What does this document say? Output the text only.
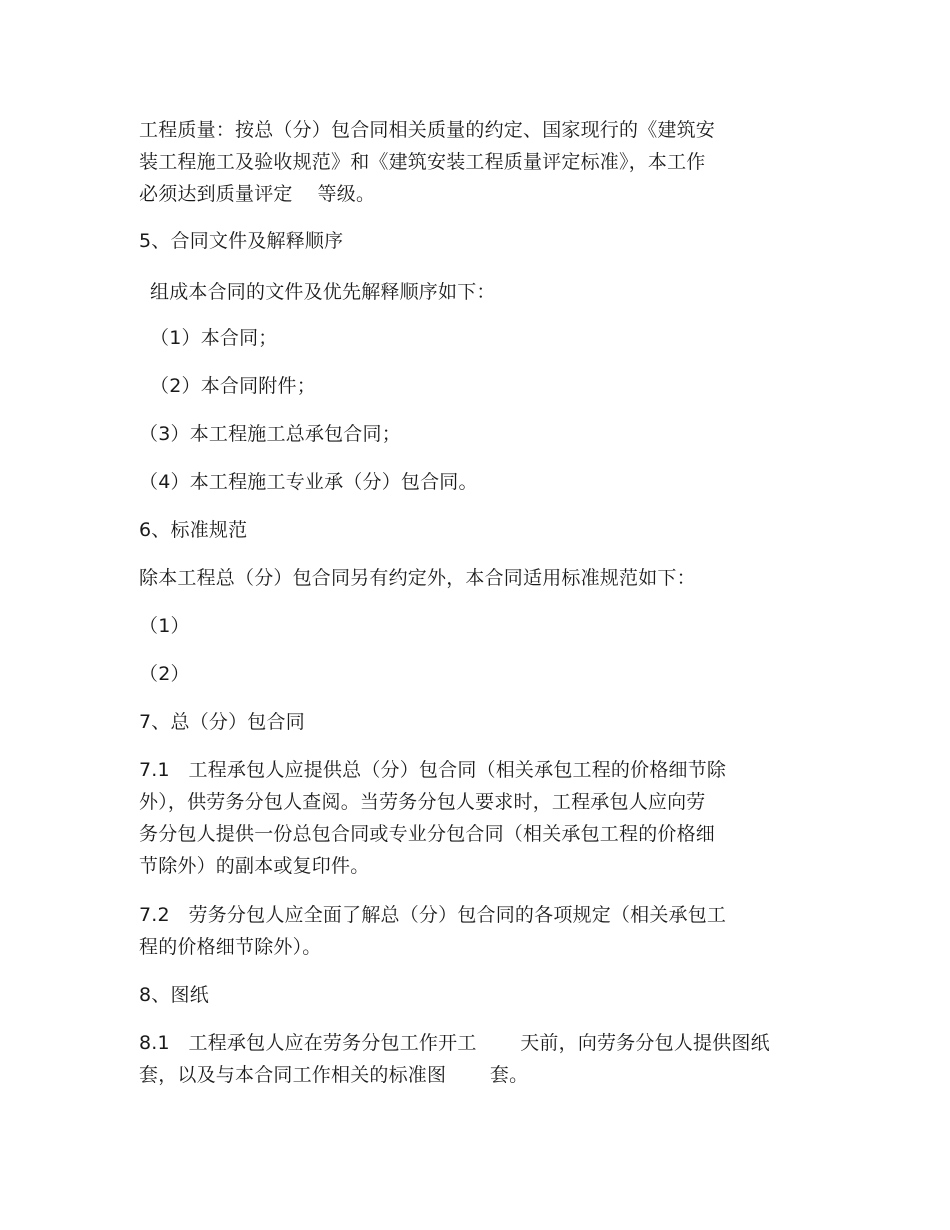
工程质量：按总（分）包合同相关质量的约定、国家现行的《建筑安
装工程施工及验收规范》和《建筑安装工程质量评定标准》，本工作
必须达到质量评定    等级。
5、合同文件及解释顺序
组成本合同的文件及优先解释顺序如下：
（1）本合同；
（2）本合同附件；
（3）本工程施工总承包合同；
（4）本工程施工专业承（分）包合同。
6、标准规范
除本工程总（分）包合同另有约定外，本合同适用标准规范如下：
（1）
（2）
7、总（分）包合同
7.1   工程承包人应提供总（分）包合同（相关承包工程的价格细节除
外），供劳务分包人查阅。当劳务分包人要求时，工程承包人应向劳
务分包人提供一份总包合同或专业分包合同（相关承包工程的价格细
节除外）的副本或复印件。
7.2   劳务分包人应全面了解总（分）包合同的各项规定（相关承包工
程的价格细节除外）。
8、图纸
8.1   工程承包人应在劳务分包工作开工       天前，向劳务分包人提供图纸
套，以及与本合同工作相关的标准图       套。
